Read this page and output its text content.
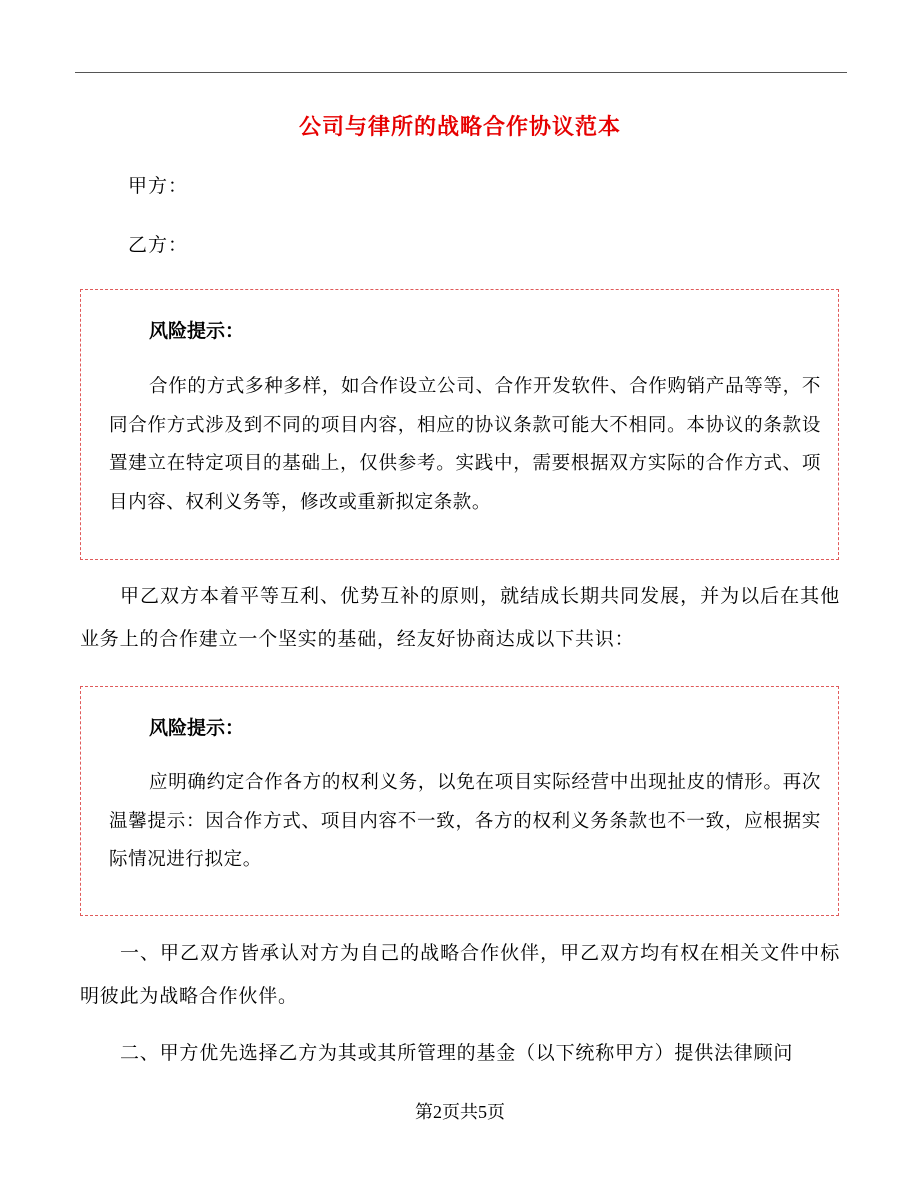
公司与律所的战略合作协议范本
甲方：
乙方：
风险提示：
合作的方式多种多样，如合作设立公司、合作开发软件、合作购销产品等等，不同合作方式涉及到不同的项目内容，相应的协议条款可能大不相同。本协议的条款设置建立在特定项目的基础上，仅供参考。实践中，需要根据双方实际的合作方式、项目内容、权利义务等，修改或重新拟定条款。
甲乙双方本着平等互利、优势互补的原则，就结成长期共同发展，并为以后在其他业务上的合作建立一个坚实的基础，经友好协商达成以下共识：
风险提示：
应明确约定合作各方的权利义务，以免在项目实际经营中出现扯皮的情形。再次温馨提示：因合作方式、项目内容不一致，各方的权利义务条款也不一致，应根据实际情况进行拟定。
一、甲乙双方皆承认对方为自己的战略合作伙伴，甲乙双方均有权在相关文件中标明彼此为战略合作伙伴。
二、甲方优先选择乙方为其或其所管理的基金（以下统称甲方）提供法律顾问
第2页共5页
